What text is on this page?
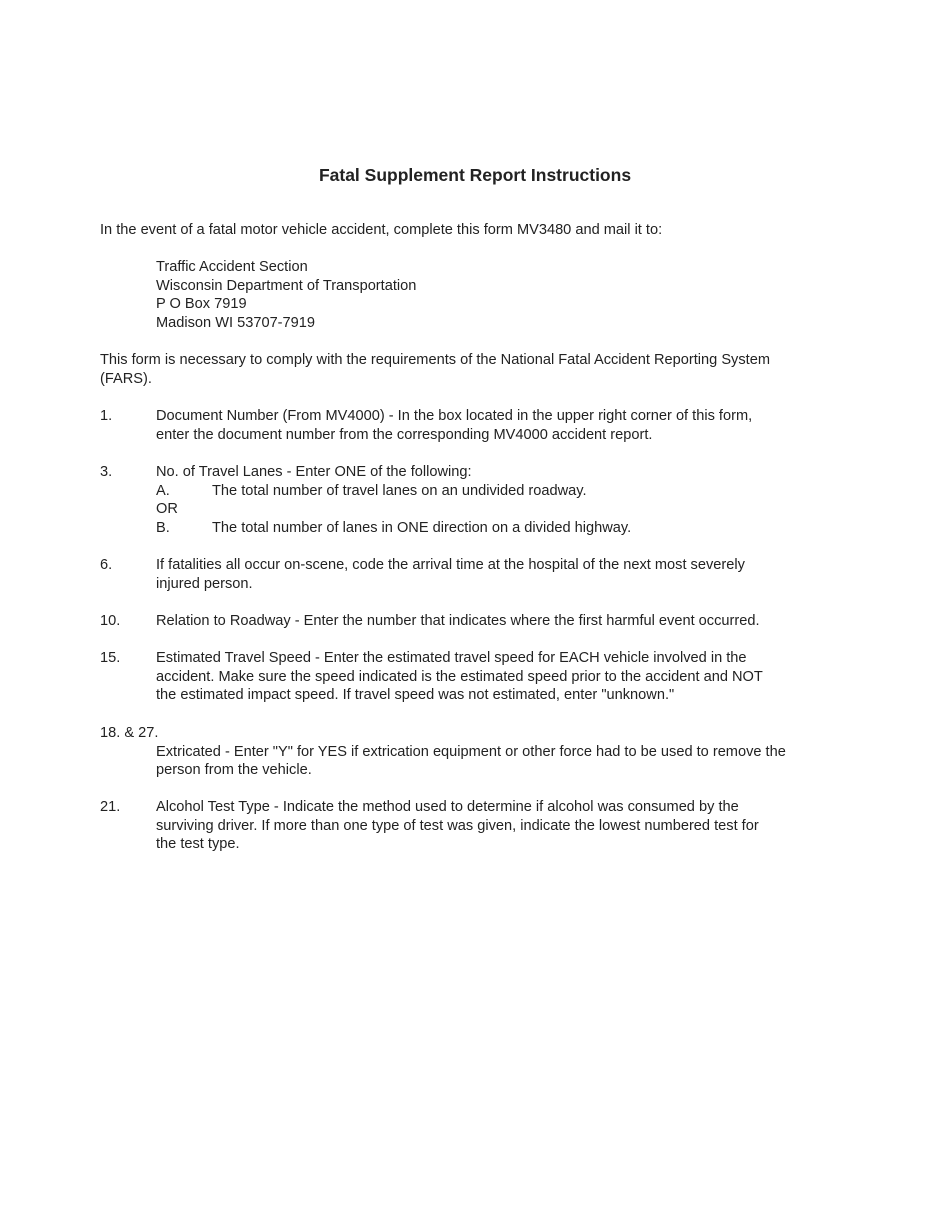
Fatal Supplement Report Instructions
In the event of a fatal motor vehicle accident, complete this form MV3480 and mail it to:
Traffic Accident Section
Wisconsin Department of Transportation
P O Box 7919
Madison WI 53707-7919
This form is necessary to comply with the requirements of the National Fatal Accident Reporting System (FARS).
1.	Document Number (From MV4000) - In the box located in the upper right corner of this form, enter the document number from the corresponding MV4000 accident report.
3.	No. of Travel Lanes - Enter ONE of the following:
A.	The total number of travel lanes on an undivided roadway.
OR
B.	The total number of lanes in ONE direction on a divided highway.
6.	If fatalities all occur on-scene, code the arrival time at the hospital of the next most severely injured person.
10. Relation to Roadway - Enter the number that indicates where the first harmful event occurred.
15. Estimated Travel Speed - Enter the estimated travel speed for EACH vehicle involved in the accident. Make sure the speed indicated is the estimated speed prior to the accident and NOT the estimated impact speed. If travel speed was not estimated, enter "unknown."
18. & 27.
Extricated - Enter "Y" for YES if extrication equipment or other force had to be used to remove the person from the vehicle.
21. Alcohol Test Type - Indicate the method used to determine if alcohol was consumed by the surviving driver. If more than one type of test was given, indicate the lowest numbered test for the test type.
